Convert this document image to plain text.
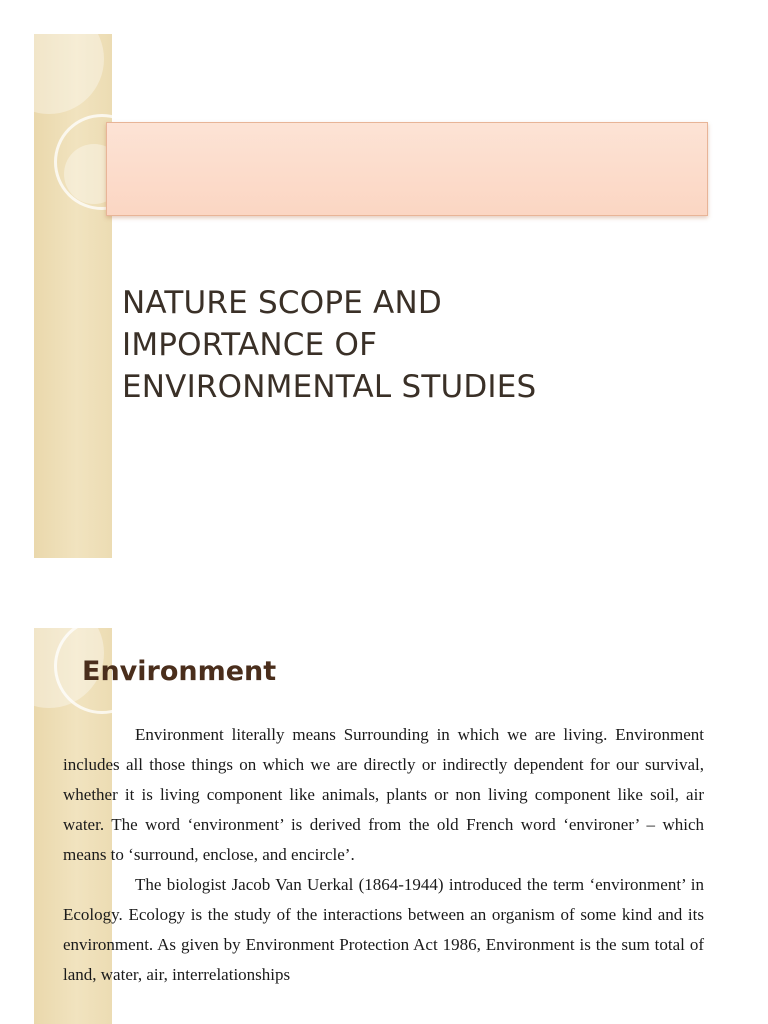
NATURE SCOPE AND
IMPORTANCE OF
ENVIRONMENTAL STUDIES
Environment

Environment literally means Surrounding in which we are living. Environment includes all those things on which we are directly or indirectly dependent for our survival, whether it is living component like animals, plants or non living component like soil, air water. The word ‘environment’ is derived from the old French word ‘environer’ – which means to ‘surround, enclose, and encircle’.

The biologist Jacob Van Uerkal (1864-1944) introduced the term ‘environment’ in Ecology. Ecology is the study of the interactions between an organism of some kind and its environment. As given by Environment Protection Act 1986, Environment is the sum total of land, water, air, interrelationships
